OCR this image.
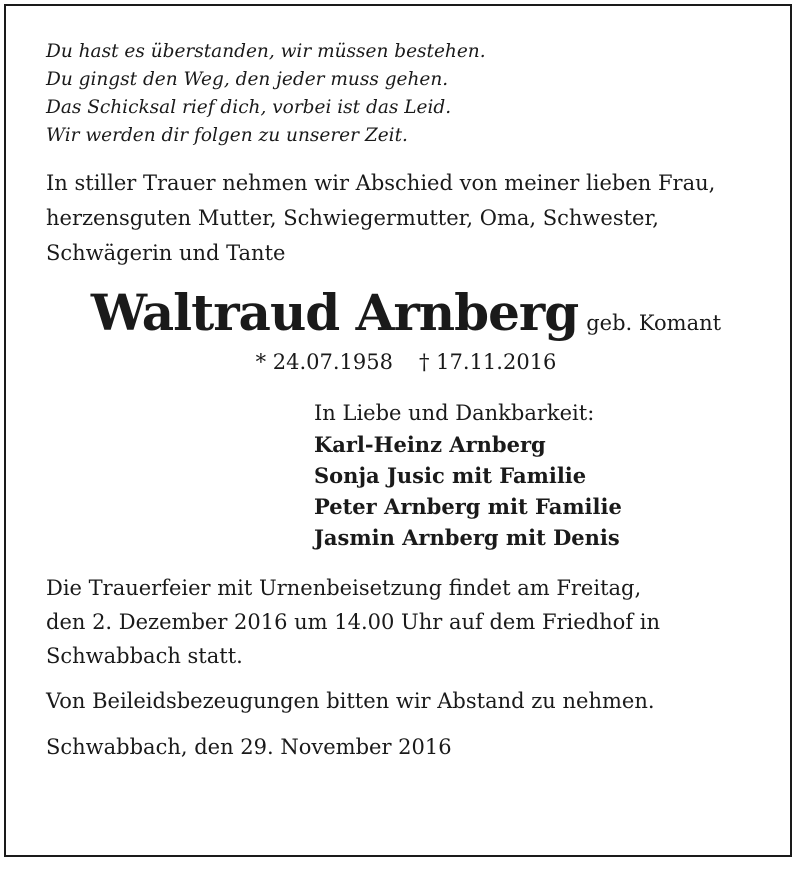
Du hast es überstanden, wir müssen bestehen.
Du gingst den Weg, den jeder muss gehen.
Das Schicksal rief dich, vorbei ist das Leid.
Wir werden dir folgen zu unserer Zeit.
In stiller Trauer nehmen wir Abschied von meiner lieben Frau,
herzensguten Mutter, Schwiegermutter, Oma, Schwester,
Schwägerin und Tante
Waltraud Arnberg geb. Komant
* 24.07.1958 † 17.11.2016
In Liebe und Dankbarkeit:
Karl-Heinz Arnberg
Sonja Jusic mit Familie
Peter Arnberg mit Familie
Jasmin Arnberg mit Denis
Die Trauerfeier mit Urnenbeisetzung findet am Freitag,
den 2. Dezember 2016 um 14.00 Uhr auf dem Friedhof in
Schwabbach statt.
Von Beileidsbezeugungen bitten wir Abstand zu nehmen.
Schwabbach, den 29. November 2016
